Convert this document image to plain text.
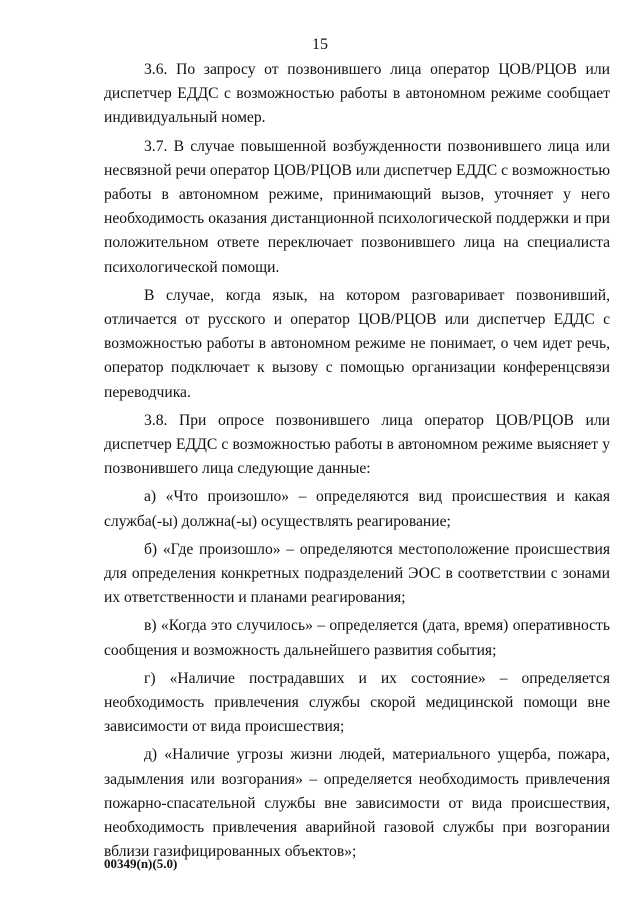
15

3.6. По запросу от позвонившего лица оператор ЦОВ/РЦОВ или диспетчер ЕДДС с возможностью работы в автономном режиме сообщает индивидуальный номер.

3.7. В случае повышенной возбужденности позвонившего лица или несвязной речи оператор ЦОВ/РЦОВ или диспетчер ЕДДС с возможностью работы в автономном режиме, принимающий вызов, уточняет у него необходимость оказания дистанционной психологической поддержки и при положительном ответе переключает позвонившего лица на специалиста психологической помощи.

В случае, когда язык, на котором разговаривает позвонивший, отличается от русского и оператор ЦОВ/РЦОВ или диспетчер ЕДДС с возможностью работы в автономном режиме не понимает, о чем идет речь, оператор подключает к вызову с помощью организации конференцсвязи переводчика.

3.8. При опросе позвонившего лица оператор ЦОВ/РЦОВ или диспетчер ЕДДС с возможностью работы в автономном режиме выясняет у позвонившего лица следующие данные:

а) «Что произошло» – определяются вид происшествия и какая служба(-ы) должна(-ы) осуществлять реагирование;

б) «Где произошло» – определяются местоположение происшествия для определения конкретных подразделений ЭОС в соответствии с зонами их ответственности и планами реагирования;

в) «Когда это случилось» – определяется (дата, время) оперативность сообщения и возможность дальнейшего развития события;

г) «Наличие пострадавших и их состояние» – определяется необходимость привлечения службы скорой медицинской помощи вне зависимости от вида происшествия;

д) «Наличие угрозы жизни людей, материального ущерба, пожара, задымления или возгорания» – определяется необходимость привлечения пожарно-спасательной службы вне зависимости от вида происшествия, необходимость привлечения аварийной газовой службы при возгорании вблизи газифицированных объектов»;

00349(n)(5.0)
